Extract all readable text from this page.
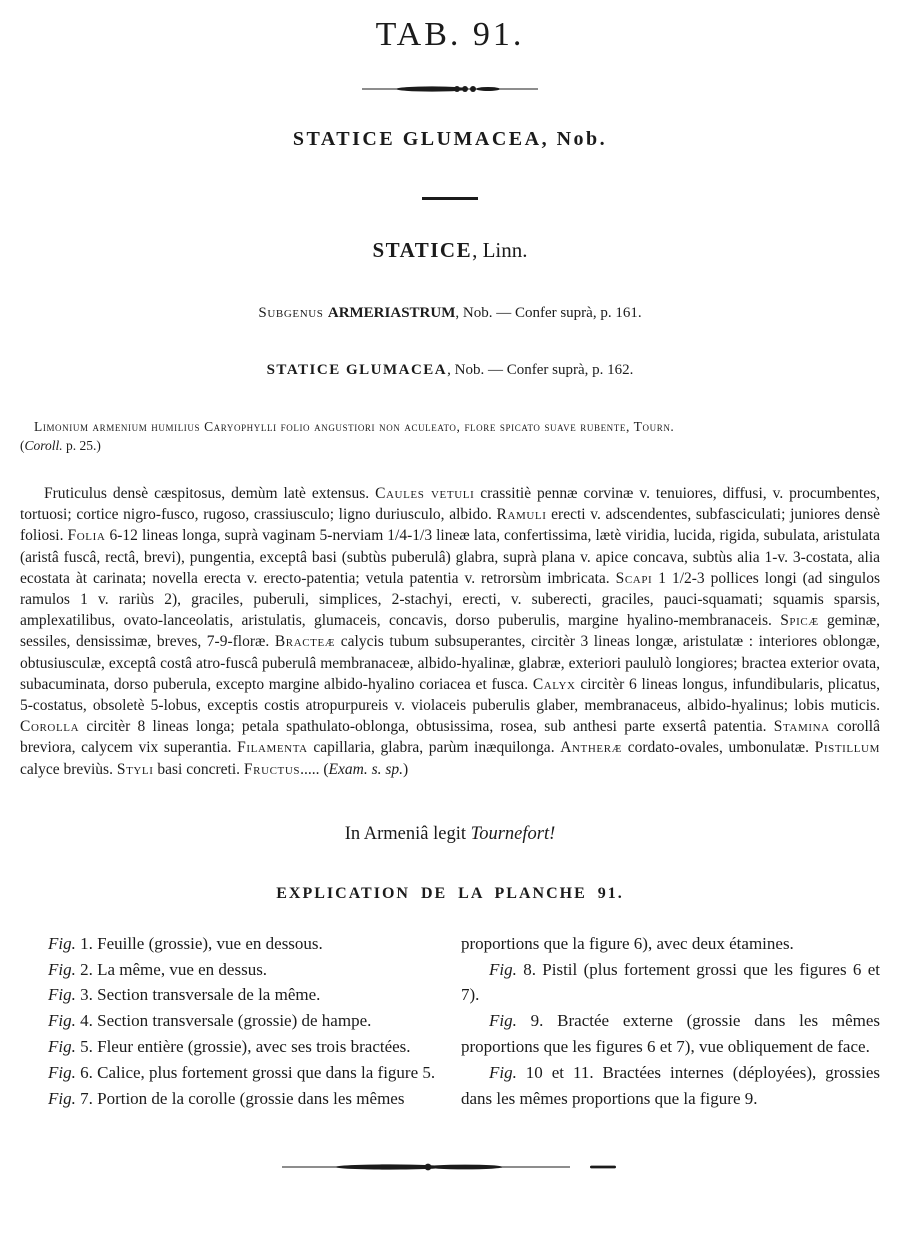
TAB. 91.
STATICE GLUMACEA, Nob.
STATICE, Linn.

Subgenus ARMERIASTRUM, Nob. — Confer suprà, p. 161.

STATICE GLUMACEA, Nob. — Confer suprà, p. 162.

Limonium armenium humilius Caryophylli folio angustiori non aculeato, flore spicato suave rubente, Tourn.
(Coroll. p. 25.)

Fruticulus densè cæspitosus, demùm latè extensus. Caules vetuli crassitiè pennæ corvinæ v. tenuiores, diffusi, v. procumbentes, tortuosi; cortice nigro-fusco, rugoso, crassiusculo; ligno duriusculo, albido. Ramuli erecti v. adscendentes, subfasciculati; juniores densè foliosi. Folia 6-12 lineas longa, suprà vaginam 5-nerviam 1/4-1/3 lineæ lata, confertissima, lætè viridia, lucida, rigida, subulata, aristulata (aristâ fuscâ, rectâ, brevi), pungentia, exceptâ basi (subtùs puberulâ) glabra, suprà plana v. apice concava, subtùs alia 1-v. 3-costata, alia ecostata àt carinata; novella erecta v. erecto-patentia; vetula patentia v. retrorsùm imbricata. Scapi 1 1/2-3 pollices longi (ad singulos ramulos 1 v. rariùs 2), graciles, puberuli, simplices, 2-stachyi, erecti, v. suberecti, graciles, pauci-squamati; squamis sparsis, amplexatilibus, ovato-lanceolatis, aristulatis, glumaceis, concavis, dorso puberulis, margine hyalino-membranaceis. Spicæ geminæ, sessiles, densissimæ, breves, 7-9-floræ. Bracteæ calycis tubum subsuperantes, circitèr 3 lineas longæ, aristulatæ : interiores oblongæ, obtusiusculæ, exceptâ costâ atro-fuscâ puberulâ membranaceæ, albido-hyalinæ, glabræ, exteriori paululò longiores; bractea exterior ovata, subacuminata, dorso puberula, excepto margine albido-hyalino coriacea et fusca. Calyx circitèr 6 lineas longus, infundibularis, plicatus, 5-costatus, obsoletè 5-lobus, exceptis costis atropurpureis v. violaceis puberulis glaber, membranaceus, albido-hyalinus; lobis muticis. Corolla circitèr 8 lineas longa; petala spathulato-oblonga, obtusissima, rosea, sub anthesi parte exsertâ patentia. Stamina corollâ breviora, calycem vix superantia. Filamenta capillaria, glabra, parùm inæquilonga. Antheræ cordato-ovales, umbonulatæ. Pistillum calyce breviùs. Styli basi concreti. Fructus..... (Exam. s. sp.)

In Armeniâ legit Tournefort!

EXPLICATION DE LA PLANCHE 91.

Fig. 1. Feuille (grossie), vue en dessous.

Fig. 2. La même, vue en dessus.

Fig. 3. Section transversale de la même.

Fig. 4. Section transversale (grossie) de hampe.

Fig. 5. Fleur entière (grossie), avec ses trois bractées.

Fig. 6. Calice, plus fortement grossi que dans la figure 5.

Fig. 7. Portion de la corolle (grossie dans les mêmes

proportions que la figure 6), avec deux étamines.

Fig. 8. Pistil (plus fortement grossi que les figures 6 et 7).

Fig. 9. Bractée externe (grossie dans les mêmes proportions que les figures 6 et 7), vue obliquement de face.

Fig. 10 et 11. Bractées internes (déployées), grossies dans les mêmes proportions que la figure 9.
